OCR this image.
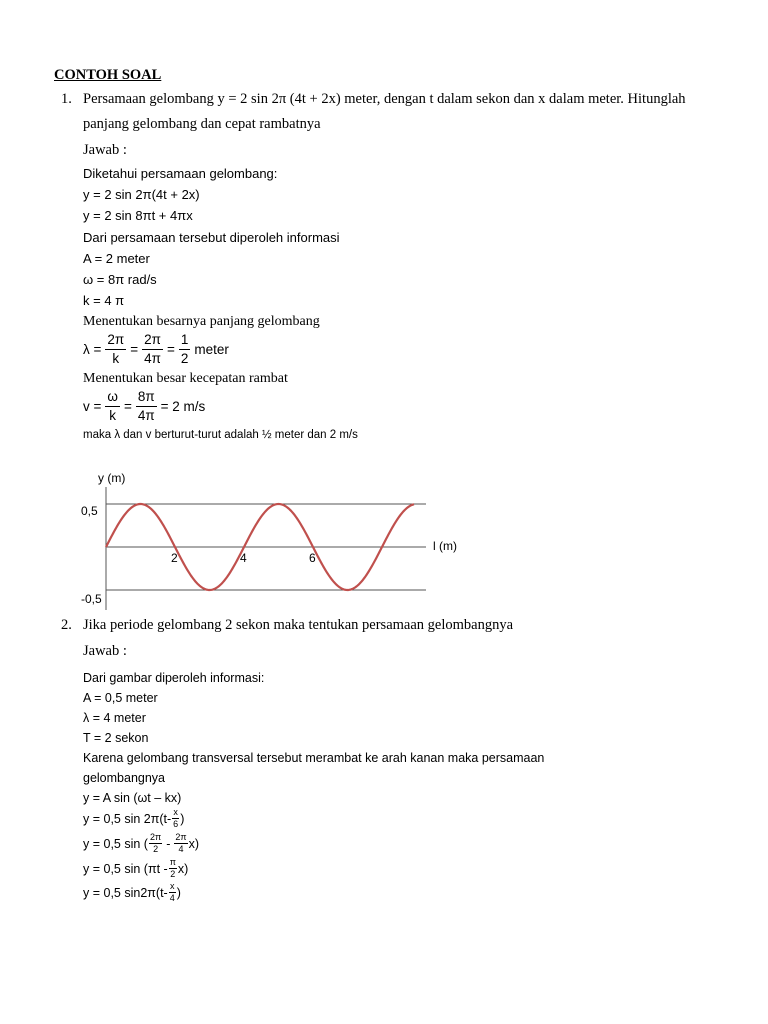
CONTOH SOAL
1. Persamaan gelombang y = 2 sin 2π (4t + 2x) meter, dengan t dalam sekon dan x dalam meter. Hitunglah
panjang gelombang dan cepat rambatnya
Jawab :
Diketahui persamaan gelombang:
y = 2 sin 2π(4t + 2x)
y = 2 sin 8πt + 4πx
Dari persamaan tersebut diperoleh informasi
A = 2 meter
ω = 8π rad/s
k = 4 π
Menentukan besarnya panjang gelombang
$\lambda = \frac{2\pi}{k} = \frac{2\pi}{4\pi} = \frac{1}{2}$ meter
Menentukan besar kecepatan rambat
$v = \frac{\omega}{k} = \frac{8\pi}{4\pi} = 2$ m/s
maka λ dan v berturut-turut adalah ½ meter dan 2 m/s
y (m)
l (m)
0,5
-0,5
2	4	6
2. Jika periode gelombang 2 sekon maka tentukan persamaan gelombangnya
Jawab :
Dari gambar diperoleh informasi:
A = 0,5 meter
λ = 4 meter
T = 2 sekon
Karena gelombang transversal tersebut merambat ke arah kanan maka persamaan
gelombangnya
y = A sin (ωt – kx)
y = 0,5 $\sin 2\pi(t- \frac{x}{6}$ )
y = 0,5 sin ( $\frac{2\pi}{2} - \frac{2\pi}{4} x$)
y = 0,5 $\sin (\pi t - \frac{\pi}{2} x)$
y = 0,5 $\sin 2\pi(t- \frac{x}{4}$ )
